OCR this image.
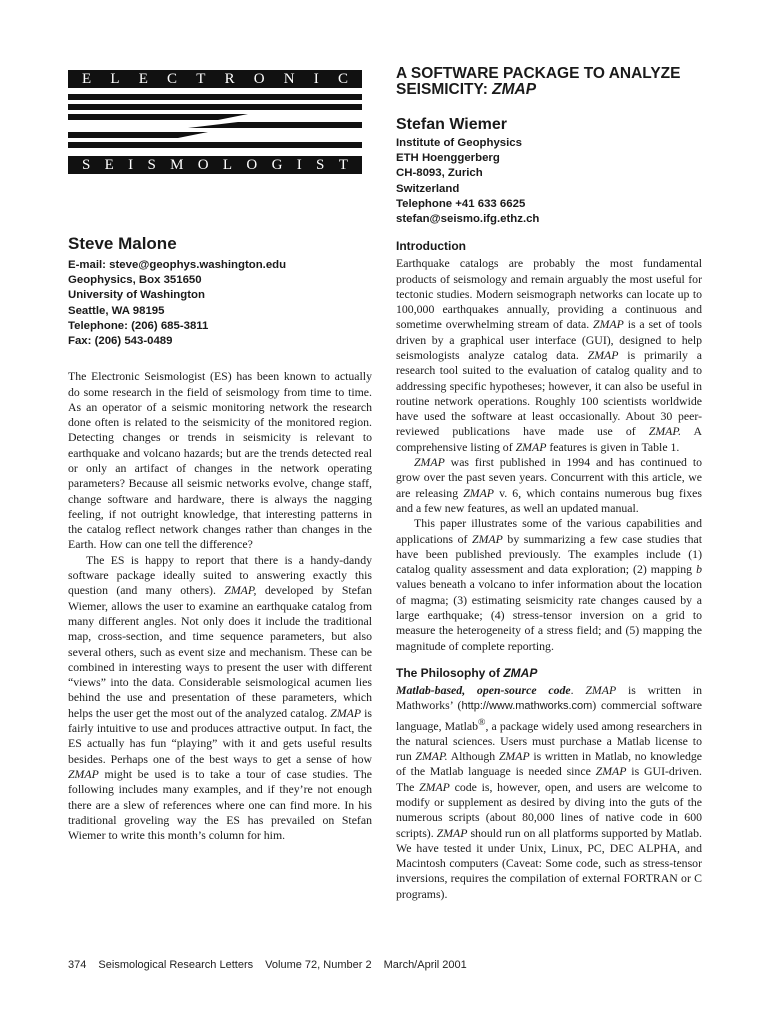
E L E C T R O N I C
S E I S M O L O G I S T
Steve Malone
E-mail: steve@geophys.washington.edu
Geophysics, Box 351650
University of Washington
Seattle, WA 98195
Telephone: (206) 685-3811
Fax: (206) 543-0489

The Electronic Seismologist (ES) has been known to actually do some research in the field of seismology from time to time. As an operator of a seismic monitoring network the research done often is related to the seismicity of the monitored region. Detecting changes or trends in seismicity is relevant to earthquake and volcano hazards; but are the trends detected real or only an artifact of changes in the network operating parameters? Because all seismic networks evolve, change staff, change software and hardware, there is always the nagging feeling, if not outright knowledge, that interesting patterns in the catalog reflect network changes rather than changes in the Earth. How can one tell the difference?

The ES is happy to report that there is a handy-dandy software package ideally suited to answering exactly this question (and many others). ZMAP, developed by Stefan Wiemer, allows the user to examine an earthquake catalog from many different angles. Not only does it include the traditional map, cross-section, and time sequence parameters, but also several others, such as event size and mechanism. These can be combined in interesting ways to present the user with different “views” into the data. Considerable seismological acumen lies behind the use and presentation of these parameters, which helps the user get the most out of the analyzed catalog. ZMAP is fairly intuitive to use and produces attractive output. In fact, the ES actually has fun “playing” with it and gets useful results besides. Perhaps one of the best ways to get a sense of how ZMAP might be used is to take a tour of case studies. The following includes many examples, and if they’re not enough there are a slew of references where one can find more. In his traditional groveling way the ES has prevailed on Stefan Wiemer to write this month’s column for him.

A SOFTWARE PACKAGE TO ANALYZE
SEISMICITY: ZMAP
Stefan Wiemer
Institute of Geophysics
ETH Hoenggerberg
CH-8093, Zurich
Switzerland
Telephone +41 633 6625
stefan@seismo.ifg.ethz.ch
Introduction

Earthquake catalogs are probably the most fundamental products of seismology and remain arguably the most useful for tectonic studies. Modern seismograph networks can locate up to 100,000 earthquakes annually, providing a continuous and sometime overwhelming stream of data. ZMAP is a set of tools driven by a graphical user interface (GUI), designed to help seismologists analyze catalog data. ZMAP is primarily a research tool suited to the evaluation of catalog quality and to addressing specific hypotheses; however, it can also be useful in routine network operations. Roughly 100 scientists worldwide have used the software at least occasionally. About 30 peer-reviewed publications have made use of ZMAP. A comprehensive listing of ZMAP features is given in Table 1.

ZMAP was first published in 1994 and has continued to grow over the past seven years. Concurrent with this article, we are releasing ZMAP v. 6, which contains numerous bug fixes and a few new features, as well an updated manual.

This paper illustrates some of the various capabilities and applications of ZMAP by summarizing a few case studies that have been published previously. The examples include (1) catalog quality assessment and data exploration; (2) mapping b values beneath a volcano to infer information about the location of magma; (3) estimating seismicity rate changes caused by a large earthquake; (4) stress-tensor inversion on a grid to measure the heterogeneity of a stress field; and (5) mapping the magnitude of complete reporting.

The Philosophy of ZMAP

Matlab-based, open-source code. ZMAP is written in Mathworks’ (http://www.mathworks.com) commercial software language, Matlab®, a package widely used among researchers in the natural sciences. Users must purchase a Matlab license to run ZMAP. Although ZMAP is written in Matlab, no knowledge of the Matlab language is needed since ZMAP is GUI-driven. The ZMAP code is, however, open, and users are welcome to modify or supplement as desired by diving into the guts of the numerous scripts (about 80,000 lines of native code in 600 scripts). ZMAP should run on all platforms supported by Matlab. We have tested it under Unix, Linux, PC, DEC ALPHA, and Macintosh computers (Caveat: Some code, such as stress-tensor inversions, requires the compilation of external FORTRAN or C programs).

374 Seismological Research Letters Volume 72, Number 2 March/April 2001
